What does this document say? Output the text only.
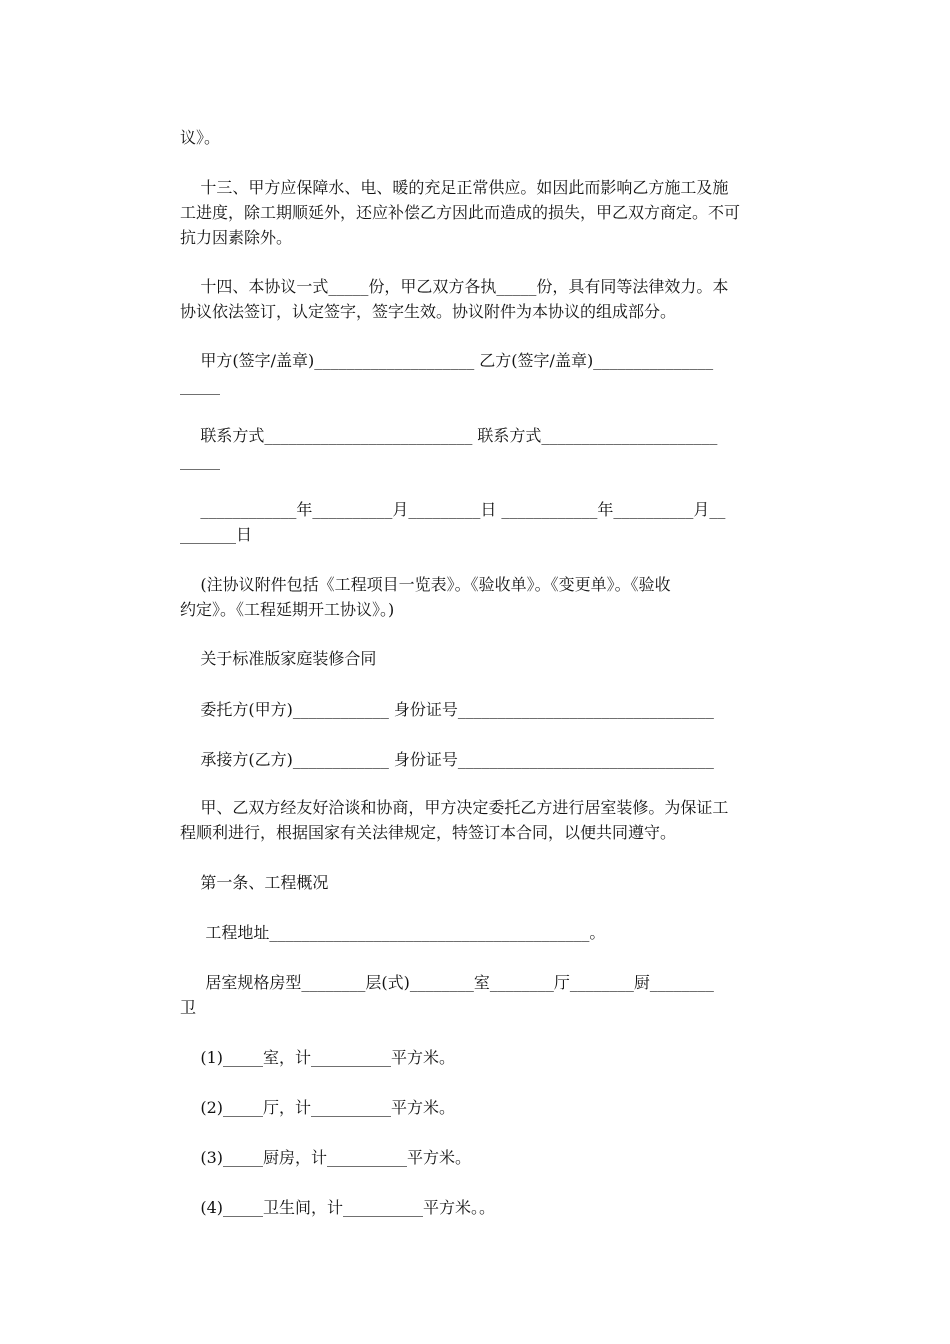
议》。
十三、甲方应保障水、电、暖的充足正常供应。如因此而影响乙方施工及施
工进度，除工期顺延外，还应补偿乙方因此而造成的损失，甲乙双方商定。不可
抗力因素除外。
十四、本协议一式_____份，甲乙双方各执_____份，具有同等法律效力。本
协议依法签订，认定签字，签字生效。协议附件为本协议的组成部分。
甲方(签字/盖章)____________________ 乙方(签字/盖章)_______________
_____
联系方式__________________________ 联系方式______________________
_____
____________年__________月_________日 ____________年__________月__
_______日
(注协议附件包括《工程项目一览表》。《验收单》。《变更单》。《验收
约定》。《工程延期开工协议》。)
关于标准版家庭装修合同
委托方(甲方)____________ 身份证号________________________________
承接方(乙方)____________ 身份证号________________________________
甲、乙双方经友好洽谈和协商，甲方决定委托乙方进行居室装修。为保证工
程顺利进行，根据国家有关法律规定，特签订本合同，以便共同遵守。
第一条、工程概况
工程地址________________________________________。
居室规格房型________层(式)________室________厅________厨________
卫
(1)_____室，计__________平方米。
(2)_____厅，计__________平方米。
(3)_____厨房，计__________平方米。
(4)_____卫生间，计__________平方米。。
